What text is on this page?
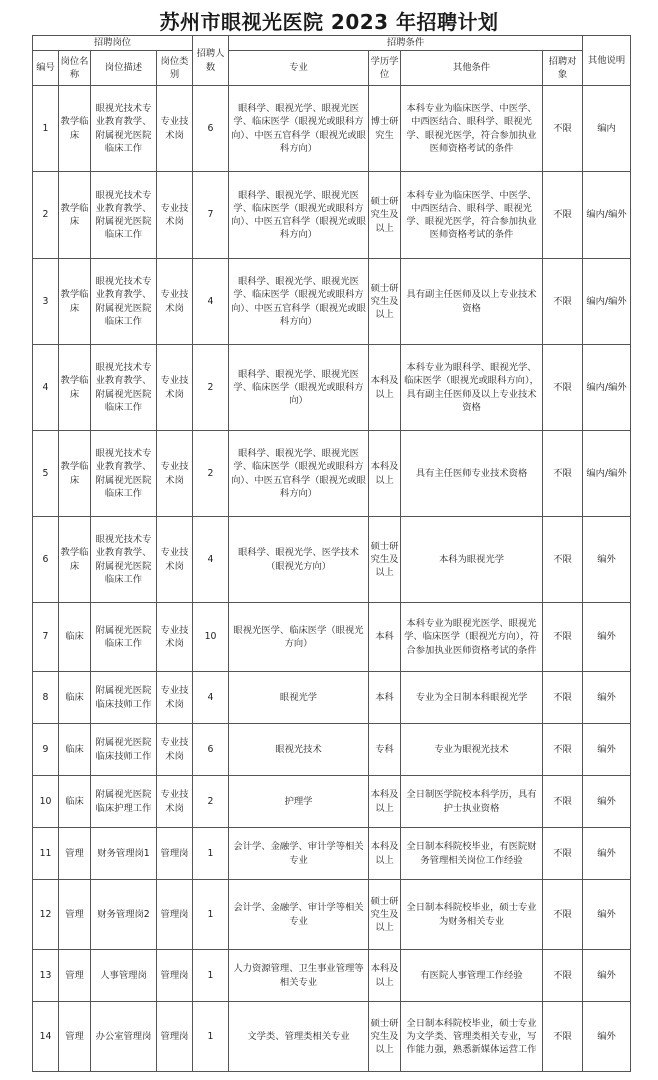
苏州市眼视光医院 2023 年招聘计划
招聘岗位				招聘人数	招聘条件				其他说明
编号	岗位名称	岗位描述	岗位类别		专业	学历学位	其他条件	招聘对象	
1	教学临床	眼视光技术专业教育教学、附属视光医院临床工作	专业技术岗	6	眼科学、眼视光学、眼视光医学、临床医学（眼视光或眼科方向）、中医五官科学（眼视光或眼科方向）	博士研究生	本科专业为临床医学、中医学、中西医结合、眼科学、眼视光学、眼视光医学，符合参加执业医师资格考试的条件	不限	编内
2	教学临床	眼视光技术专业教育教学、附属视光医院临床工作	专业技术岗	7	眼科学、眼视光学、眼视光医学、临床医学（眼视光或眼科方向）、中医五官科学（眼视光或眼科方向）	硕士研究生及以上	本科专业为临床医学、中医学、中西医结合、眼科学、眼视光学、眼视光医学，符合参加执业医师资格考试的条件	不限	编内/编外
3	教学临床	眼视光技术专业教育教学、附属视光医院临床工作	专业技术岗	4	眼科学、眼视光学、眼视光医学、临床医学（眼视光或眼科方向）、中医五官科学（眼视光或眼科方向）	硕士研究生及以上	具有副主任医师及以上专业技术资格	不限	编内/编外
4	教学临床	眼视光技术专业教育教学、附属视光医院临床工作	专业技术岗	2	眼科学、眼视光学、眼视光医学、临床医学（眼视光或眼科方向）	本科及以上	本科专业为眼科学、眼视光学、临床医学（眼视光或眼科方向），具有副主任医师及以上专业技术资格	不限	编内/编外
5	教学临床	眼视光技术专业教育教学、附属视光医院临床工作	专业技术岗	2	眼科学、眼视光学、眼视光医学、临床医学（眼视光或眼科方向）、中医五官科学（眼视光或眼科方向）	本科及以上	具有主任医师专业技术资格	不限	编内/编外
6	教学临床	眼视光技术专业教育教学、附属视光医院临床工作	专业技术岗	4	眼科学、眼视光学、医学技术（眼视光方向）	硕士研究生及以上	本科为眼视光学	不限	编外
7	临床	附属视光医院临床工作	专业技术岗	10	眼视光医学、临床医学（眼视光方向）	本科	本科专业为眼视光医学、眼视光学、临床医学（眼视光方向），符合参加执业医师资格考试的条件	不限	编外
8	临床	附属视光医院临床技师工作	专业技术岗	4	眼视光学	本科	专业为全日制本科眼视光学	不限	编外
9	临床	附属视光医院临床技师工作	专业技术岗	6	眼视光技术	专科	专业为眼视光技术	不限	编外
10	临床	附属视光医院临床护理工作	专业技术岗	2	护理学	本科及以上	全日制医学院校本科学历，具有护士执业资格	不限	编外
11	管理	财务管理岗1	管理岗	1	会计学、金融学、审计学等相关专业	本科及以上	全日制本科院校毕业，有医院财务管理相关岗位工作经验	不限	编外
12	管理	财务管理岗2	管理岗	1	会计学、金融学、审计学等相关专业	硕士研究生及以上	全日制本科院校毕业，硕士专业为财务相关专业	不限	编外
13	管理	人事管理岗	管理岗	1	人力资源管理、卫生事业管理等相关专业	本科及以上	有医院人事管理工作经验	不限	编外
14	管理	办公室管理岗	管理岗	1	文学类、管理类相关专业	硕士研究生及以上	全日制本科院校毕业，硕士专业为文学类、管理类相关专业，写作能力强，熟悉新媒体运营工作	不限	编外
